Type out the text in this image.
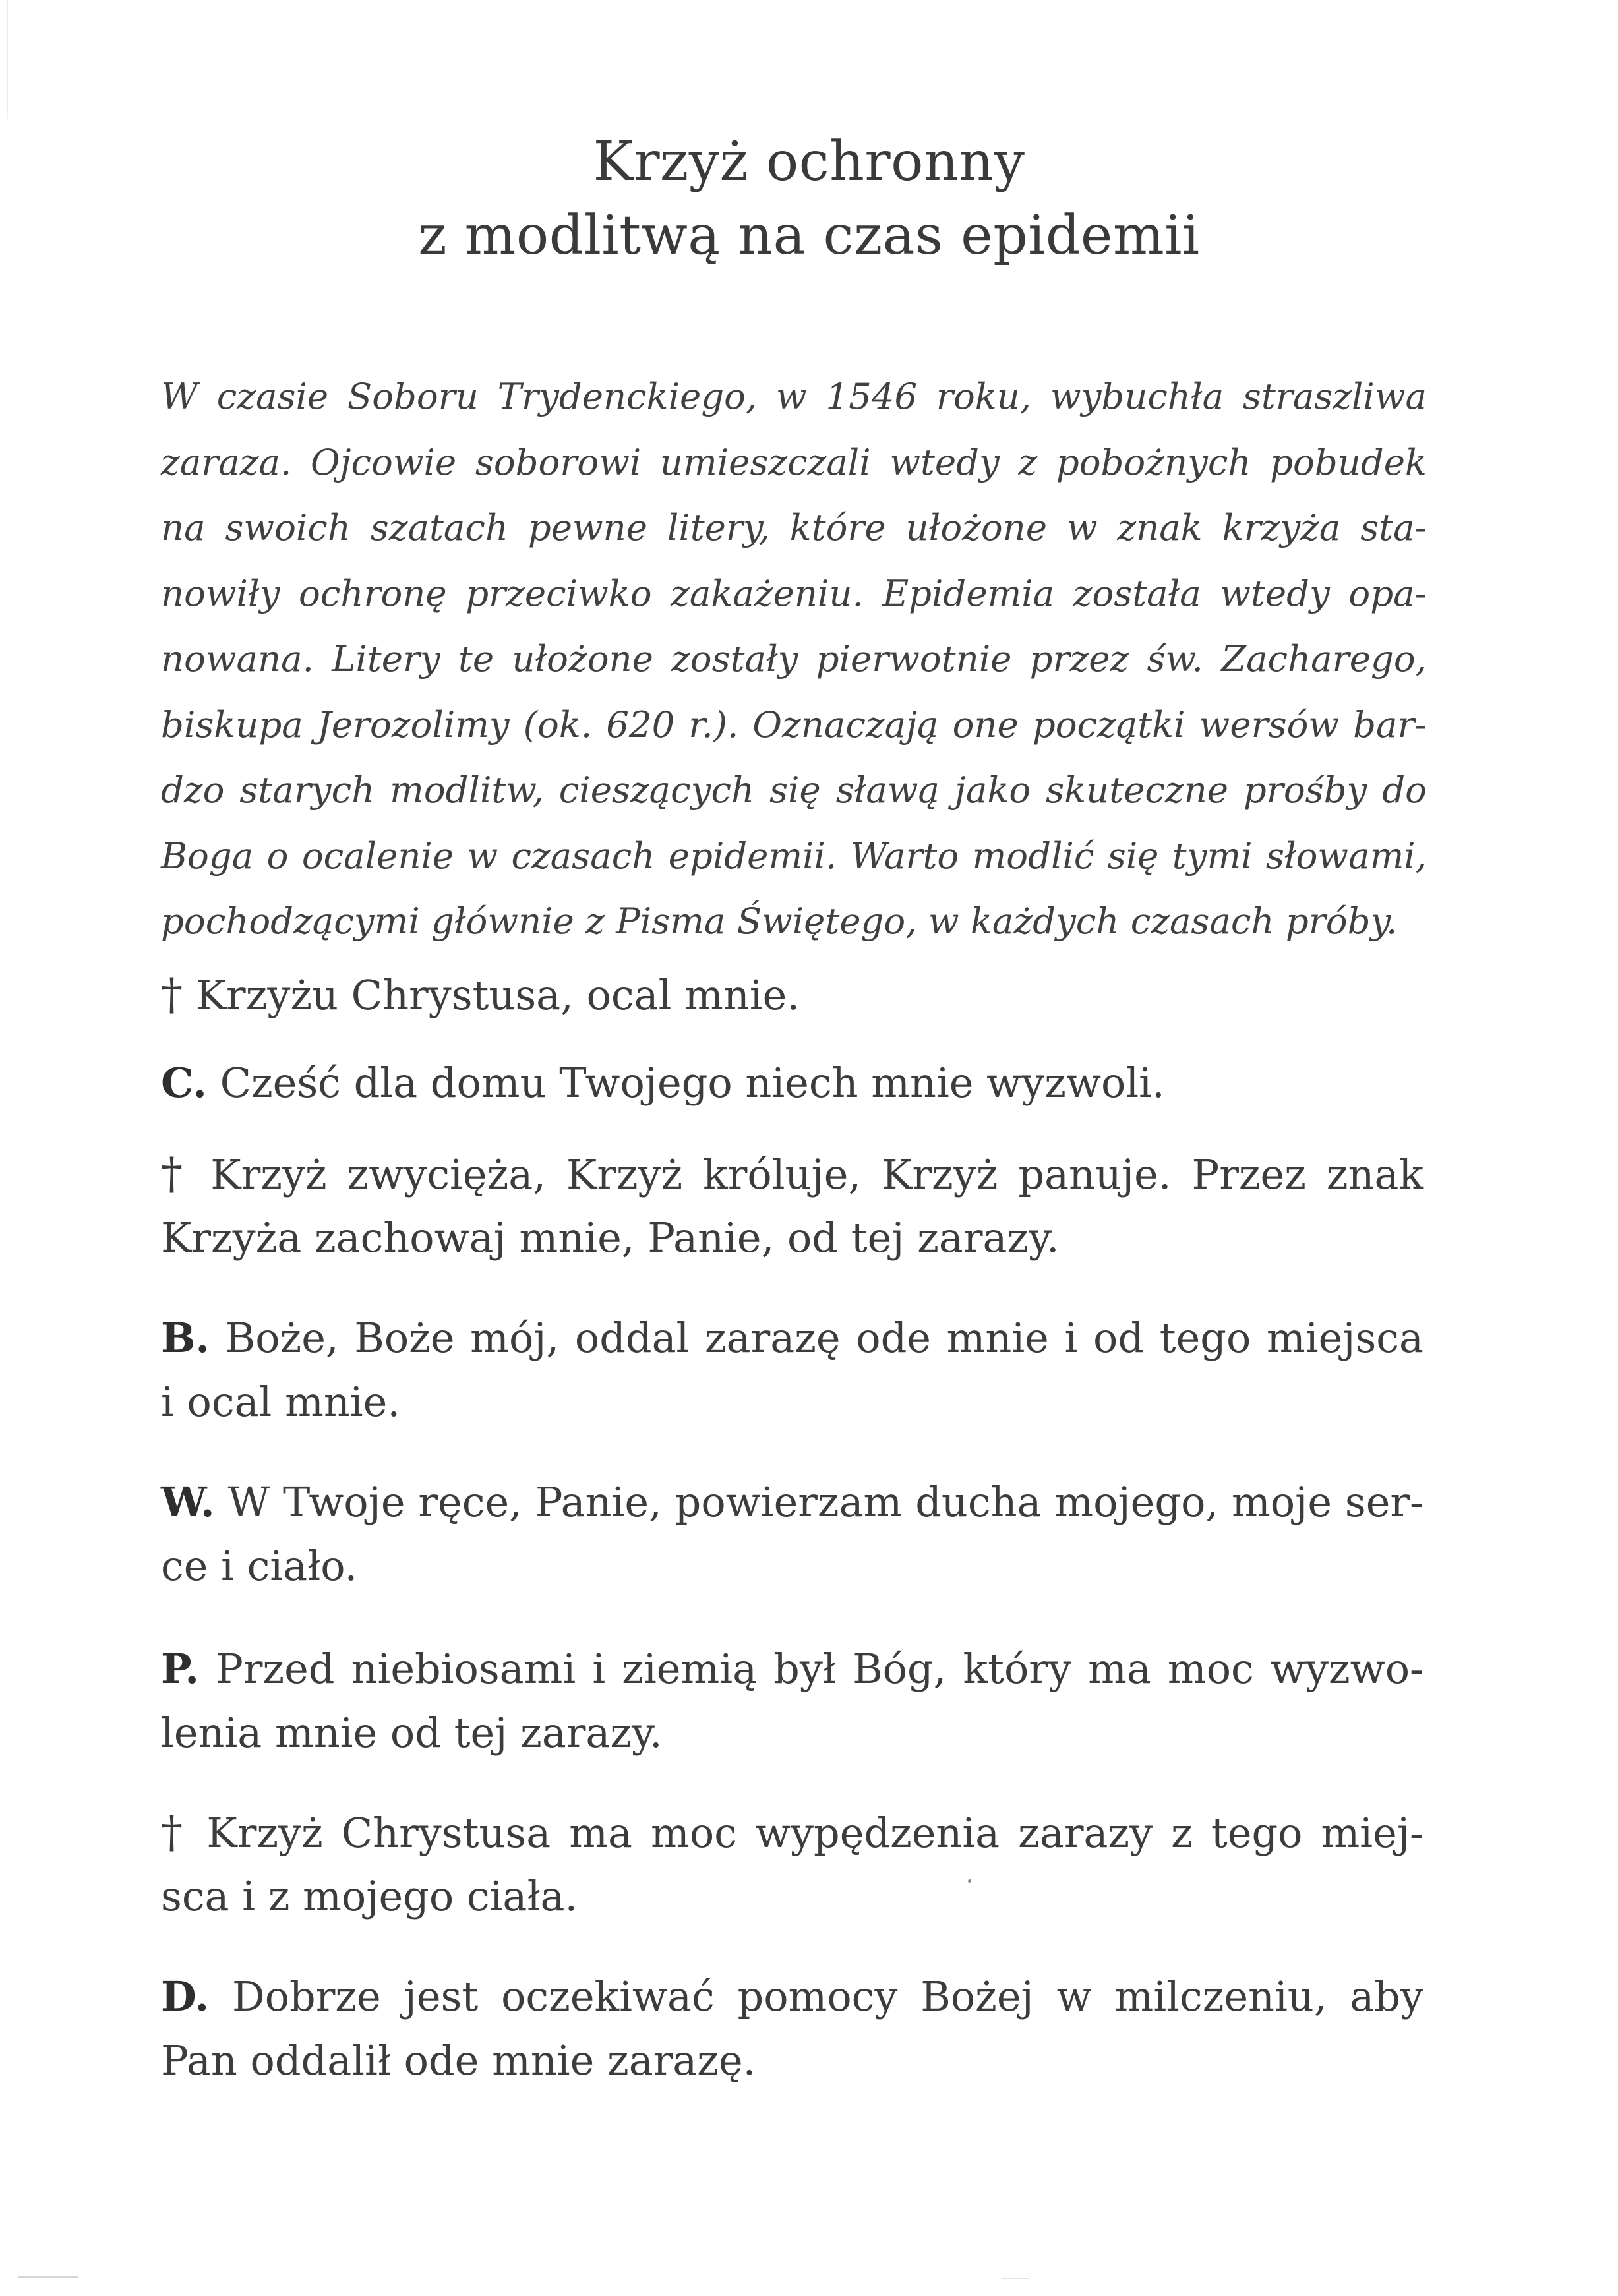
Krzyż ochronny
z modlitwą na czas epidemii
W czasie Soboru Trydenckiego, w 1546 roku, wybuchła straszliwa
zaraza. Ojcowie soborowi umieszczali wtedy z pobożnych pobudek
na swoich szatach pewne litery, które ułożone w znak krzyża sta-
nowiły ochronę przeciwko zakażeniu. Epidemia została wtedy opa-
nowana. Litery te ułożone zostały pierwotnie przez św. Zacharego,
biskupa Jerozolimy (ok. 620 r.). Oznaczają one początki wersów bar-
dzo starych modlitw, cieszących się sławą jako skuteczne prośby do
Boga o ocalenie w czasach epidemii. Warto modlić się tymi słowami,
pochodzącymi głównie z Pisma Świętego, w każdych czasach próby.
† Krzyżu Chrystusa, ocal mnie.
C. Cześć dla domu Twojego niech mnie wyzwoli.
† Krzyż zwycięża, Krzyż króluje, Krzyż panuje. Przez znak
Krzyża zachowaj mnie, Panie, od tej zarazy.
B. Boże, Boże mój, oddal zarazę ode mnie i od tego miejsca
i ocal mnie.
W. W Twoje ręce, Panie, powierzam ducha mojego, moje ser-
ce i ciało.
P. Przed niebiosami i ziemią był Bóg, który ma moc wyzwo-
lenia mnie od tej zarazy.
† Krzyż Chrystusa ma moc wypędzenia zarazy z tego miej-
sca i z mojego ciała.
D. Dobrze jest oczekiwać pomocy Bożej w milczeniu, aby
Pan oddalił ode mnie zarazę.
